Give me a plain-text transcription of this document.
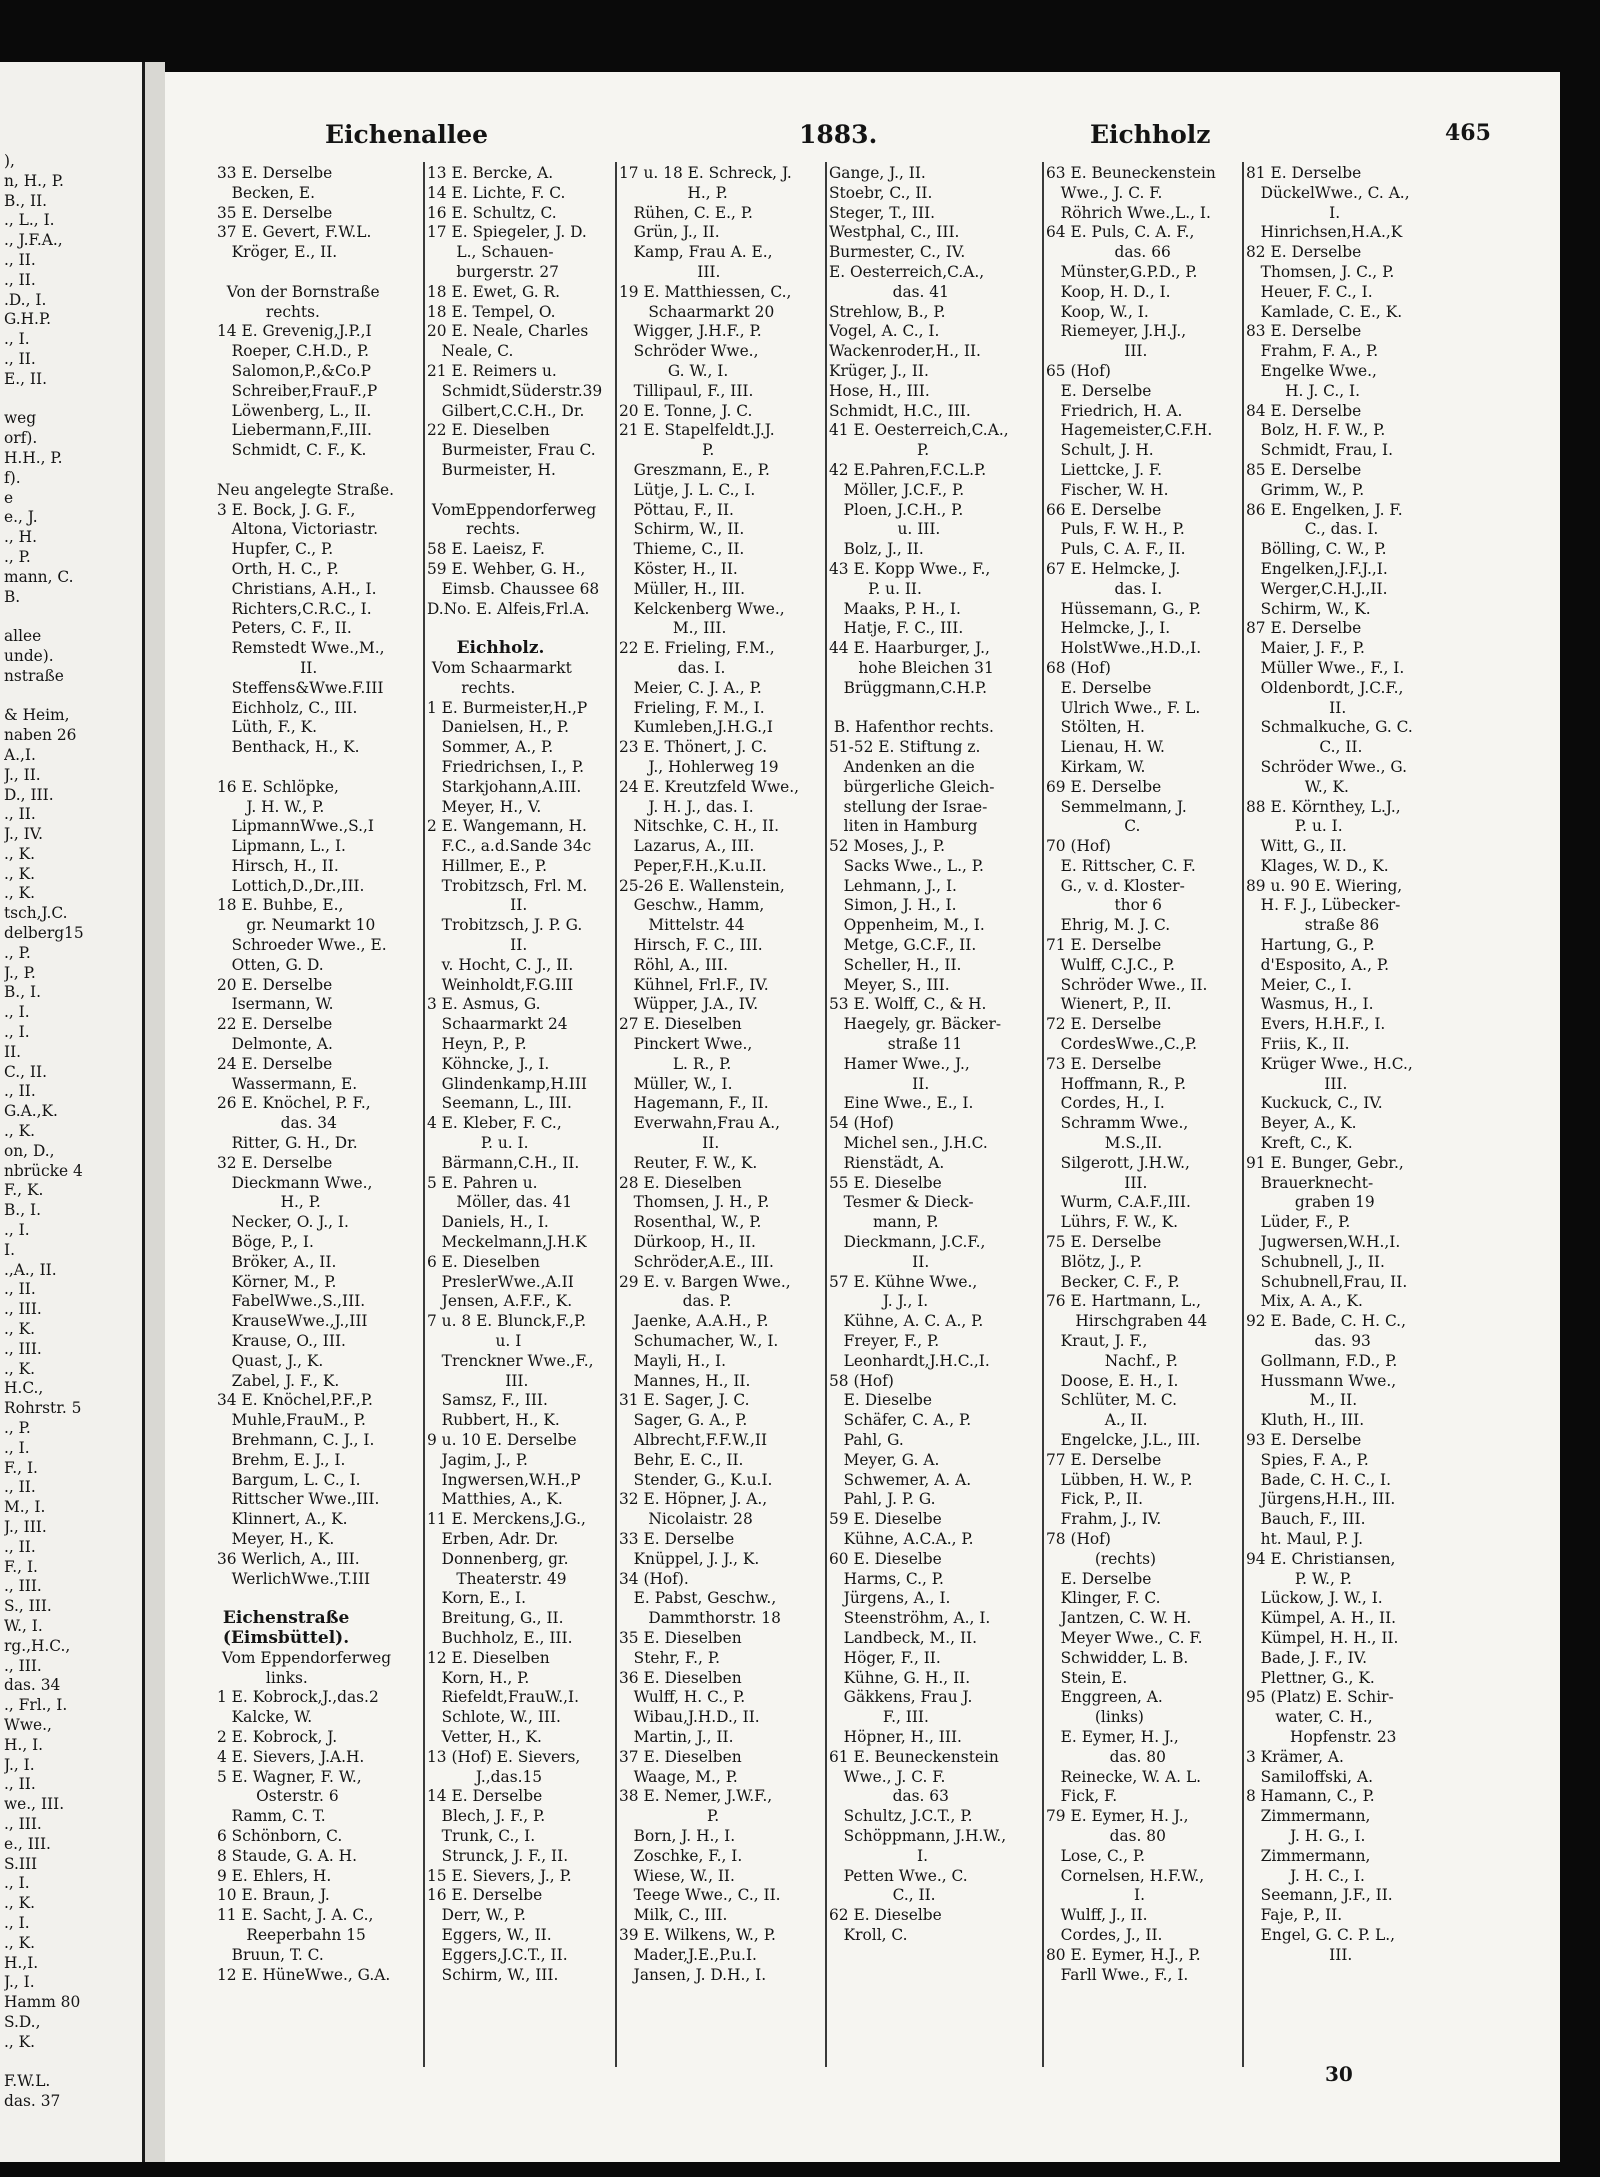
),
n, H., P.
B., II.
., L., I.
., J.F.A.,
., II.
., II.
.D., I.
G.H.P.
., I.
., II.
E., II.

weg
orf).
H.H., P.
f).
e
e., J.
., H.
., P.
mann, C.
B.

allee
unde).
nstraße

& Heim,
naben 26
A.,I.
J., II.
D., III.
., II.
J., IV.
., K.
., K.
., K.
tsch,J.C.
delberg15
., P.
J., P.
B., I.
., I.
., I.
II.
C., II.
., II.
G.A.,K.
., K.
on, D.,
nbrücke 4
F., K.
B., I.
., I.
I.
.,A., II.
., II.
., III.
., K.
., III.
., K.
H.C.,
Rohrstr. 5
., P.
., I.
F., I.
., II.
M., I.
J., III.
., II.
F., I.
., III.
S., III.
W., I.
rg.,H.C.,
., III.
das. 34
., Frl., I.
Wwe.,
H., I.
J., I.
., II.
we., III.
., III.
e., III.
S.III
., I.
., K.
., I.
., K.
H.,I.
J., I.
Hamm 80
S.D.,
., K.

F.W.L.
das. 37
Eichenallee	1883.	Eichholz	465
33 E. Derselbe
Becken, E.
35 E. Derselbe
37 E. Gevert, F.W.L.
Kröger, E., II.

Von der Bornstraße
rechts.
14 E. Grevenig,J.P.,I
Roeper, C.H.D., P.
Salomon,P.,&Co.P
Schreiber,FrauF.,P
Löwenberg, L., II.
Liebermann,F.,III.
Schmidt, C. F., K.

Neu angelegte Straße.
3 E. Bock, J. G. F.,
Altona, Victoriastr.
Hupfer, C., P.
Orth, H. C., P.
Christians, A.H., I.
Richters,C.R.C., I.
Peters, C. F., II.
Remstedt Wwe.,M.,
II.
Steffens&Wwe.F.III
Eichholz, C., III.
Lüth, F., K.
Benthack, H., K.

16 E. Schlöpke,
J. H. W., P.
LipmannWwe.,S.,I
Lipmann, L., I.
Hirsch, H., II.
Lottich,D.,Dr.,III.
18 E. Buhbe, E.,
gr. Neumarkt 10
Schroeder Wwe., E.
Otten, G. D.
20 E. Derselbe
Isermann, W.
22 E. Derselbe
Delmonte, A.
24 E. Derselbe
Wassermann, E.
26 E. Knöchel, P. F.,
das. 34
Ritter, G. H., Dr.
32 E. Derselbe
Dieckmann Wwe.,
H., P.
Necker, O. J., I.
Böge, P., I.
Bröker, A., II.
Körner, M., P.
FabelWwe.,S.,III.
KrauseWwe.,J.,III
Krause, O., III.
Quast, J., K.
Zabel, J. F., K.
34 E. Knöchel,P.F.,P.
Muhle,FrauM., P.
Brehmann, C. J., I.
Brehm, E. J., I.
Bargum, L. C., I.
Rittscher Wwe.,III.
Klinnert, A., K.
Meyer, H., K.
36 Werlich, A., III.
WerlichWwe.,T.III

Eichenstraße
(Eimsbüttel).
Vom Eppendorferweg
links.
1 E. Kobrock,J.,das.2
Kalcke, W.
2 E. Kobrock, J.
4 E. Sievers, J.A.H.
5 E. Wagner, F. W.,
Osterstr. 6
Ramm, C. T.
6 Schönborn, C.
8 Staude, G. A. H.
9 E. Ehlers, H.
10 E. Braun, J.
11 E. Sacht, J. A. C.,
Reeperbahn 15
Bruun, T. C.
12 E. HüneWwe., G.A.
13 E. Bercke, A.
14 E. Lichte, F. C.
16 E. Schultz, C.
17 E. Spiegeler, J. D.
L., Schauen-
burgerstr. 27
18 E. Ewet, G. R.
18 E. Tempel, O.
20 E. Neale, Charles
Neale, C.
21 E. Reimers u.
Schmidt,Süderstr.39
Gilbert,C.C.H., Dr.
22 E. Dieselben
Burmeister, Frau C.
Burmeister, H.

VomEppendorferweg
rechts.
58 E. Laeisz, F.
59 E. Wehber, G. H.,
Eimsb. Chaussee 68
D.No. E. Alfeis,Frl.A.

Eichholz.
Vom Schaarmarkt
rechts.
1 E. Burmeister,H.,P
Danielsen, H., P.
Sommer, A., P.
Friedrichsen, I., P.
Starkjohann,A.III.
Meyer, H., V.
2 E. Wangemann, H.
F.C., a.d.Sande 34c
Hillmer, E., P.
Trobitzsch, Frl. M.
II.
Trobitzsch, J. P. G.
II.
v. Hocht, C. J., II.
Weinholdt,F.G.III
3 E. Asmus, G.
Schaarmarkt 24
Heyn, P., P.
Köhncke, J., I.
Glindenkamp,H.III
Seemann, L., III.
4 E. Kleber, F. C.,
P. u. I.
Bärmann,C.H., II.
5 E. Pahren u.
Möller, das. 41
Daniels, H., I.
Meckelmann,J.H.K
6 E. Dieselben
PreslerWwe.,A.II
Jensen, A.F.F., K.
7 u. 8 E. Blunck,F.,P.
u. I
Trenckner Wwe.,F.,
III.
Samsz, F., III.
Rubbert, H., K.
9 u. 10 E. Derselbe
Jagim, J., P.
Ingwersen,W.H.,P
Matthies, A., K.
11 E. Merckens,J.G.,
Erben, Adr. Dr.
Donnenberg, gr.
Theaterstr. 49
Korn, E., I.
Breitung, G., II.
Buchholz, E., III.
12 E. Dieselben
Korn, H., P.
Riefeldt,FrauW.,I.
Schlote, W., III.
Vetter, H., K.
13 (Hof) E. Sievers,
J.,das.15
14 E. Derselbe
Blech, J. F., P.
Trunk, C., I.
Strunck, J. F., II.
15 E. Sievers, J., P.
16 E. Derselbe
Derr, W., P.
Eggers, W., II.
Eggers,J.C.T., II.
Schirm, W., III.
17 u. 18 E. Schreck, J.
H., P.
Rühen, C. E., P.
Grün, J., II.
Kamp, Frau A. E.,
III.
19 E. Matthiessen, C.,
Schaarmarkt 20
Wigger, J.H.F., P.
Schröder Wwe.,
G. W., I.
Tillipaul, F., III.
20 E. Tonne, J. C.
21 E. Stapelfeldt.J.J.
P.
Greszmann, E., P.
Lütje, J. L. C., I.
Pöttau, F., II.
Schirm, W., II.
Thieme, C., II.
Köster, H., II.
Müller, H., III.
Kelckenberg Wwe.,
M., III.
22 E. Frieling, F.M.,
das. I.
Meier, C. J. A., P.
Frieling, F. M., I.
Kumleben,J.H.G.,I
23 E. Thönert, J. C.
J., Hohlerweg 19
24 E. Kreutzfeld Wwe.,
J. H. J., das. I.
Nitschke, C. H., II.
Lazarus, A., III.
Peper,F.H.,K.u.II.
25-26 E. Wallenstein,
Geschw., Hamm,
Mittelstr. 44
Hirsch, F. C., III.
Röhl, A., III.
Kühnel, Frl.F., IV.
Wüpper, J.A., IV.
27 E. Dieselben
Pinckert Wwe.,
L. R., P.
Müller, W., I.
Hagemann, F., II.
Everwahn,Frau A.,
II.
Reuter, F. W., K.
28 E. Dieselben
Thomsen, J. H., P.
Rosenthal, W., P.
Dürkoop, H., II.
Schröder,A.E., III.
29 E. v. Bargen Wwe.,
das. P.
Jaenke, A.A.H., P.
Schumacher, W., I.
Mayli, H., I.
Mannes, H., II.
31 E. Sager, J. C.
Sager, G. A., P.
Albrecht,F.F.W.,II
Behr, E. C., II.
Stender, G., K.u.I.
32 E. Höpner, J. A.,
Nicolaistr. 28
33 E. Derselbe
Knüppel, J. J., K.
34 (Hof).
E. Pabst, Geschw.,
Dammthorstr. 18
35 E. Dieselben
Stehr, F., P.
36 E. Dieselben
Wulff, H. C., P.
Wibau,J.H.D., II.
Martin, J., II.
37 E. Dieselben
Waage, M., P.
38 E. Nemer, J.W.F.,
P.
Born, J. H., I.
Zoschke, F., I.
Wiese, W., II.
Teege Wwe., C., II.
Milk, C., III.
39 E. Wilkens, W., P.
Mader,J.E.,P.u.I.
Jansen, J. D.H., I.
Gange, J., II.
Stoebr, C., II.
Steger, T., III.
Westphal, C., III.
Burmester, C., IV.
E. Oesterreich,C.A.,
das. 41
Strehlow, B., P.
Vogel, A. C., I.
Wackenroder,H., II.
Krüger, J., II.
Hose, H., III.
Schmidt, H.C., III.
41 E. Oesterreich,C.A.,
P.
42 E.Pahren,F.C.L.P.
Möller, J.C.F., P.
Ploen, J.C.H., P.
u. III.
Bolz, J., II.
43 E. Kopp Wwe., F.,
P. u. II.
Maaks, P. H., I.
Hatje, F. C., III.
44 E. Haarburger, J.,
hohe Bleichen 31
Brüggmann,C.H.P.

B. Hafenthor rechts.
51-52 E. Stiftung z.
Andenken an die
bürgerliche Gleich-
stellung der Israe-
liten in Hamburg
52 Moses, J., P.
Sacks Wwe., L., P.
Lehmann, J., I.
Simon, J. H., I.
Oppenheim, M., I.
Metge, G.C.F., II.
Scheller, H., II.
Meyer, S., III.
53 E. Wolff, C., & H.
Haegely, gr. Bäcker-
straße 11
Hamer Wwe., J.,
II.
Eine Wwe., E., I.
54 (Hof)
Michel sen., J.H.C.
Rienstädt, A.
55 E. Dieselbe
Tesmer & Dieck-
mann, P.
Dieckmann, J.C.F.,
II.
57 E. Kühne Wwe.,
J. J., I.
Kühne, A. C. A., P.
Freyer, F., P.
Leonhardt,J.H.C.,I.
58 (Hof)
E. Dieselbe
Schäfer, C. A., P.
Pahl, G.
Meyer, G. A.
Schwemer, A. A.
Pahl, J. P. G.
59 E. Dieselbe
Kühne, A.C.A., P.
60 E. Dieselbe
Harms, C., P.
Jürgens, A., I.
Steenströhm, A., I.
Landbeck, M., II.
Höger, F., II.
Kühne, G. H., II.
Gäkkens, Frau J.
F., III.
Höpner, H., III.
61 E. Beuneckenstein
Wwe., J. C. F.
das. 63
Schultz, J.C.T., P.
Schöppmann, J.H.W.,
I.
Petten Wwe., C.
C., II.
62 E. Dieselbe
Kroll, C.
63 E. Beuneckenstein
Wwe., J. C. F.
Röhrich Wwe.,L., I.
64 E. Puls, C. A. F.,
das. 66
Münster,G.P.D., P.
Koop, H. D., I.
Koop, W., I.
Riemeyer, J.H.J.,
III.
65 (Hof)
E. Derselbe
Friedrich, H. A.
Hagemeister,C.F.H.
Schult, J. H.
Liettcke, J. F.
Fischer, W. H.
66 E. Derselbe
Puls, F. W. H., P.
Puls, C. A. F., II.
67 E. Helmcke, J.
das. I.
Hüssemann, G., P.
Helmcke, J., I.
HolstWwe.,H.D.,I.
68 (Hof)
E. Derselbe
Ulrich Wwe., F. L.
Stölten, H.
Lienau, H. W.
Kirkam, W.
69 E. Derselbe
Semmelmann, J.
C.
70 (Hof)
E. Rittscher, C. F.
G., v. d. Kloster-
thor 6
Ehrig, M. J. C.
71 E. Derselbe
Wulff, C.J.C., P.
Schröder Wwe., II.
Wienert, P., II.
72 E. Derselbe
CordesWwe.,C.,P.
73 E. Derselbe
Hoffmann, R., P.
Cordes, H., I.
Schramm Wwe.,
M.S.,II.
Silgerott, J.H.W.,
III.
Wurm, C.A.F.,III.
Lührs, F. W., K.
75 E. Derselbe
Blötz, J., P.
Becker, C. F., P.
76 E. Hartmann, L.,
Hirschgraben 44
Kraut, J. F.,
Nachf., P.
Doose, E. H., I.
Schlüter, M. C.
A., II.
Engelcke, J.L., III.
77 E. Derselbe
Lübben, H. W., P.
Fick, P., II.
Frahm, J., IV.
78 (Hof)
(rechts)
E. Derselbe
Klinger, F. C.
Jantzen, C. W. H.
Meyer Wwe., C. F.
Schwidder, L. B.
Stein, E.
Enggreen, A.
(links)
E. Eymer, H. J.,
das. 80
Reinecke, W. A. L.
Fick, F.
79 E. Eymer, H. J.,
das. 80
Lose, C., P.
Cornelsen, H.F.W.,
I.
Wulff, J., II.
Cordes, J., II.
80 E. Eymer, H.J., P.
Farll Wwe., F., I.
81 E. Derselbe
DückelWwe., C. A.,
I.
Hinrichsen,H.A.,K
82 E. Derselbe
Thomsen, J. C., P.
Heuer, F. C., I.
Kamlade, C. E., K.
83 E. Derselbe
Frahm, F. A., P.
Engelke Wwe.,
H. J. C., I.
84 E. Derselbe
Bolz, H. F. W., P.
Schmidt, Frau, I.
85 E. Derselbe
Grimm, W., P.
86 E. Engelken, J. F.
C., das. I.
Bölling, C. W., P.
Engelken,J.F.J.,I.
Werger,C.H.J.,II.
Schirm, W., K.
87 E. Derselbe
Maier, J. F., P.
Müller Wwe., F., I.
Oldenbordt, J.C.F.,
II.
Schmalkuche, G. C.
C., II.
Schröder Wwe., G.
W., K.
88 E. Körnthey, L.J.,
P. u. I.
Witt, G., II.
Klages, W. D., K.
89 u. 90 E. Wiering,
H. F. J., Lübecker-
straße 86
Hartung, G., P.
d'Esposito, A., P.
Meier, C., I.
Wasmus, H., I.
Evers, H.H.F., I.
Friis, K., II.
Krüger Wwe., H.C.,
III.
Kuckuck, C., IV.
Beyer, A., K.
Kreft, C., K.
91 E. Bunger, Gebr.,
Brauerknecht-
graben 19
Lüder, F., P.
Jugwersen,W.H.,I.
Schubnell, J., II.
Schubnell,Frau, II.
Mix, A. A., K.
92 E. Bade, C. H. C.,
das. 93
Gollmann, F.D., P.
Hussmann Wwe.,
M., II.
Kluth, H., III.
93 E. Derselbe
Spies, F. A., P.
Bade, C. H. C., I.
Jürgens,H.H., III.
Bauch, F., III.
ht. Maul, P. J.
94 E. Christiansen,
P. W., P.
Lückow, J. W., I.
Kümpel, A. H., II.
Kümpel, H. H., II.
Bade, J. F., IV.
Plettner, G., K.
95 (Platz) E. Schir-
water, C. H.,
Hopfenstr. 23
3 Krämer, A.
Samiloffski, A.
8 Hamann, C., P.
Zimmermann,
J. H. G., I.
Zimmermann,
J. H. C., I.
Seemann, J.F., II.
Faje, P., II.
Engel, G. C. P. L.,
III.
30
